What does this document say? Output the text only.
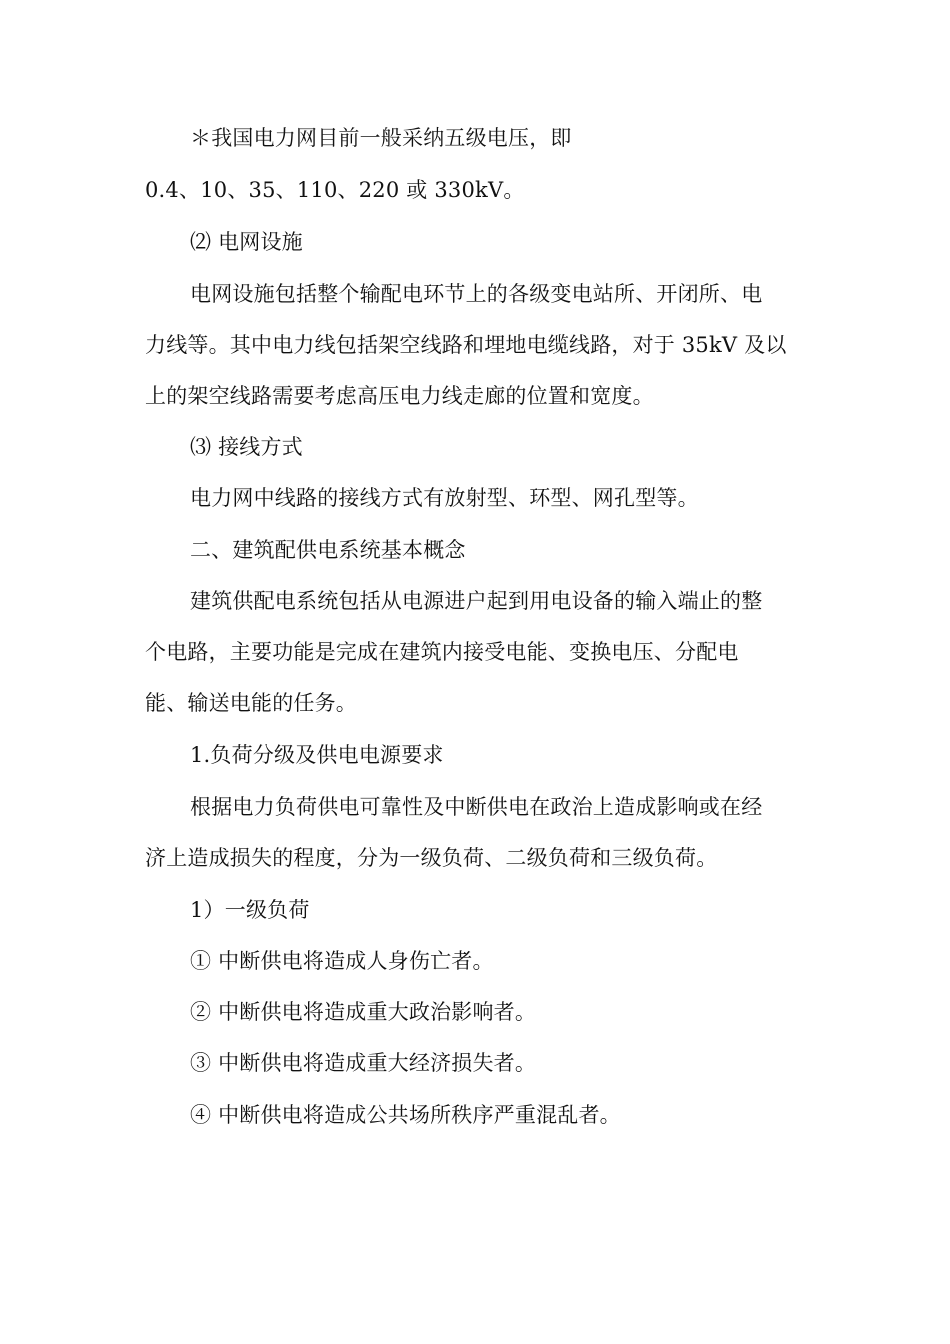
＊我国电力网目前一般采纳五级电压，即
0.4、10、35、110、220 或 330kV。
⑵ 电网设施
电网设施包括整个输配电环节上的各级变电站所、开闭所、电
力线等。其中电力线包括架空线路和埋地电缆线路，对于 35kV 及以
上的架空线路需要考虑高压电力线走廊的位置和宽度。
⑶ 接线方式
电力网中线路的接线方式有放射型、环型、网孔型等。
二、建筑配供电系统基本概念
建筑供配电系统包括从电源进户起到用电设备的输入端止的整
个电路，主要功能是完成在建筑内接受电能、变换电压、分配电
能、输送电能的任务。
1.负荷分级及供电电源要求
根据电力负荷供电可靠性及中断供电在政治上造成影响或在经
济上造成损失的程度，分为一级负荷、二级负荷和三级负荷。
1）一级负荷
① 中断供电将造成人身伤亡者。
② 中断供电将造成重大政治影响者。
③ 中断供电将造成重大经济损失者。
④ 中断供电将造成公共场所秩序严重混乱者。
